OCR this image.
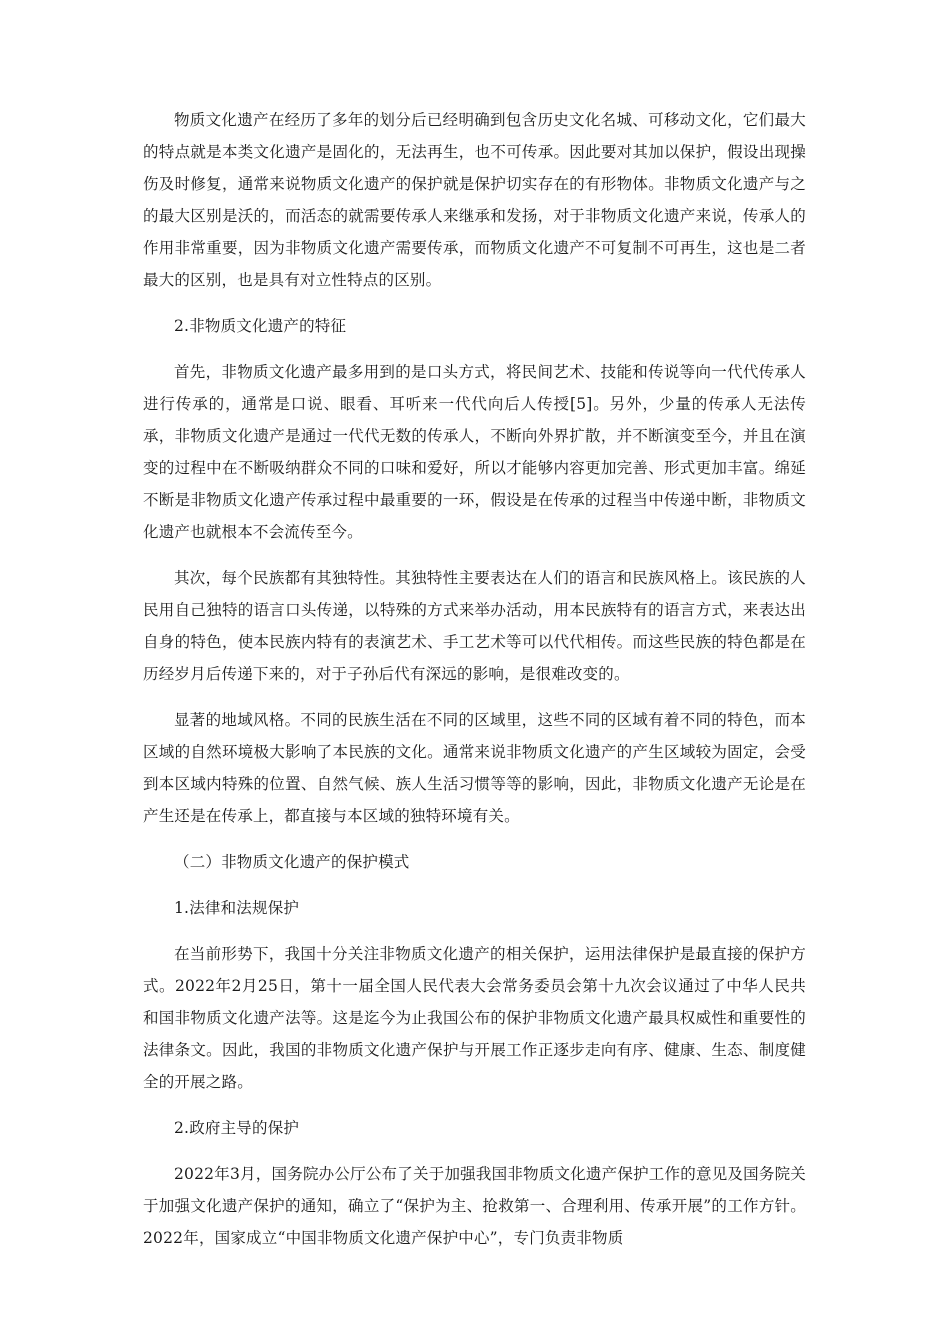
物质文化遗产在经历了多年的划分后已经明确到包含历史文化名城、可移动文化，它们最大的特点就是本类文化遗产是固化的，无法再生，也不可传承。因此要对其加以保护，假设出现操伤及时修复，通常来说物质文化遗产的保护就是保护切实存在的有形物体。非物质文化遗产与之的最大区别是沃的，而活态的就需要传承人来继承和发扬，对于非物质文化遗产来说，传承人的作用非常重要，因为非物质文化遗产需要传承，而物质文化遗产不可复制不可再生，这也是二者最大的区别，也是具有对立性特点的区别。

2.非物质文化遗产的特征

首先，非物质文化遗产最多用到的是口头方式，将民间艺术、技能和传说等向一代代传承人进行传承的，通常是口说、眼看、耳听来一代代向后人传授[5]。另外，少量的传承人无法传承，非物质文化遗产是通过一代代无数的传承人，不断向外界扩散，并不断演变至今，并且在演变的过程中在不断吸纳群众不同的口味和爱好，所以才能够内容更加完善、形式更加丰富。绵延不断是非物质文化遗产传承过程中最重要的一环，假设是在传承的过程当中传递中断，非物质文化遗产也就根本不会流传至今。

其次，每个民族都有其独特性。其独特性主要表达在人们的语言和民族风格上。该民族的人民用自己独特的语言口头传递，以特殊的方式来举办活动，用本民族特有的语言方式，来表达出自身的特色，使本民族内特有的表演艺术、手工艺术等可以代代相传。而这些民族的特色都是在历经岁月后传递下来的，对于子孙后代有深远的影响，是很难改变的。

显著的地域风格。不同的民族生活在不同的区域里，这些不同的区域有着不同的特色，而本区域的自然环境极大影响了本民族的文化。通常来说非物质文化遗产的产生区域较为固定，会受到本区域内特殊的位置、自然气候、族人生活习惯等等的影响，因此，非物质文化遗产无论是在产生还是在传承上，都直接与本区域的独特环境有关。

（二）非物质文化遗产的保护模式

1.法律和法规保护

在当前形势下，我国十分关注非物质文化遗产的相关保护，运用法律保护是最直接的保护方式。2022年2月25日，第十一届全国人民代表大会常务委员会第十九次会议通过了中华人民共和国非物质文化遗产法等。这是迄今为止我国公布的保护非物质文化遗产最具权威性和重要性的法律条文。因此，我国的非物质文化遗产保护与开展工作正逐步走向有序、健康、生态、制度健全的开展之路。

2.政府主导的保护

2022年3月，国务院办公厅公布了关于加强我国非物质文化遗产保护工作的意见及国务院关于加强文化遗产保护的通知，确立了“保护为主、抢救第一、合理利用、传承开展”的工作方针。2022年，国家成立“中国非物质文化遗产保护中心”，专门负责非物质
